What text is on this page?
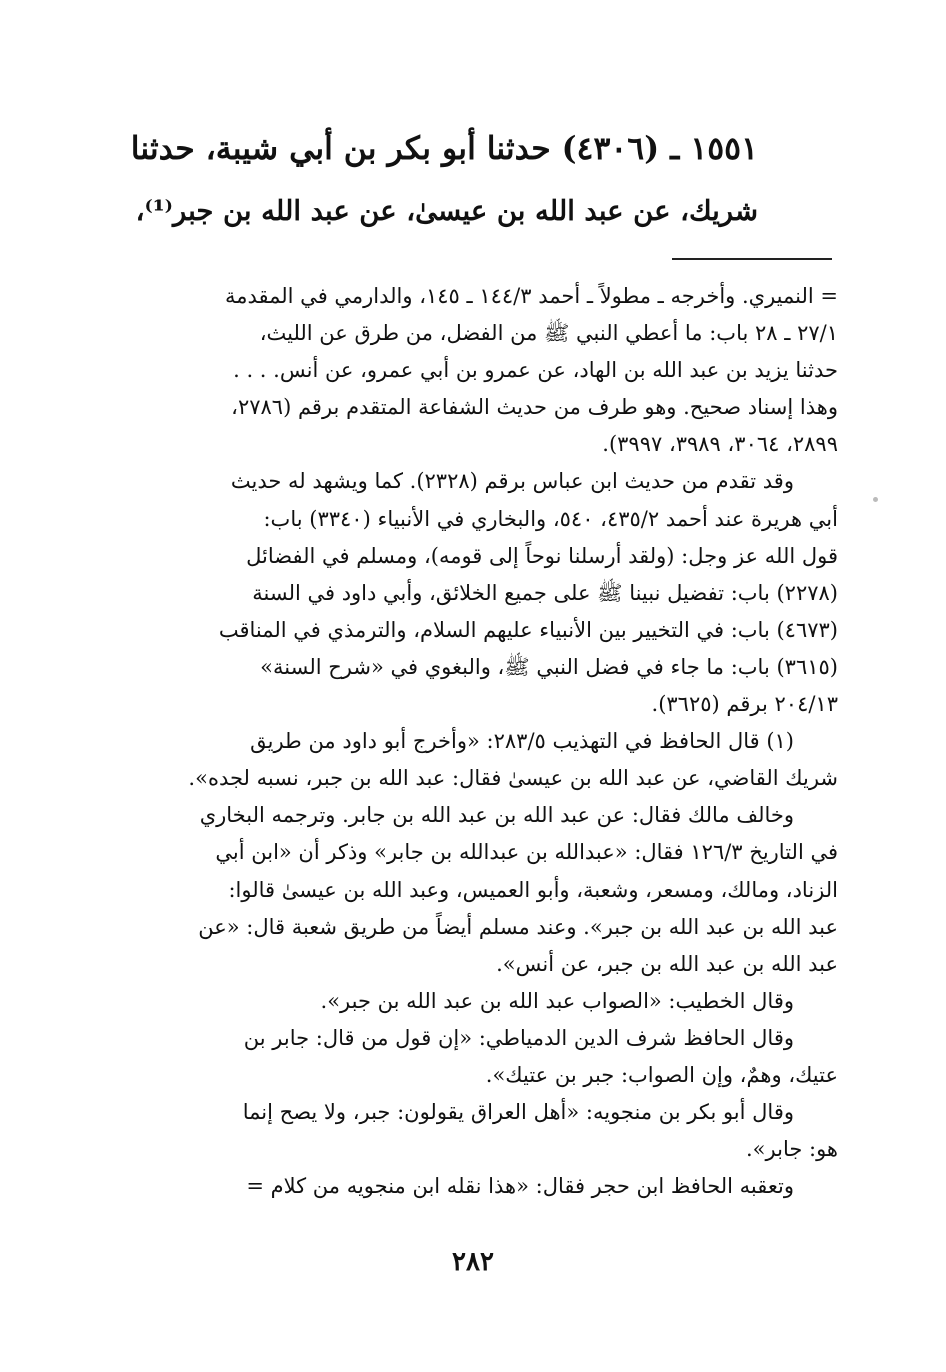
١٥٥١ ـ (٤٣٠٦) حدثنا أبو بكر بن أبي شيبة، حدثنا
شريك، عن عبد الله بن عيسىٰ، عن عبد الله بن جبر⁽¹⁾،
= النميري. وأخرجه ـ مطولاً ـ أحمد ١٤٤/٣ ـ ١٤٥، والدارمي في المقدمة
٢٧/١ ـ ٢٨ باب: ما أعطي النبي ﷺ من الفضل، من طرق عن الليث،
حدثنا يزيد بن عبد الله بن الهاد، عن عمرو بن أبي عمرو، عن أنس. . . .
وهذا إسناد صحيح. وهو طرف من حديث الشفاعة المتقدم برقم (٢٧٨٦،
٢٨٩٩، ٣٠٦٤، ٣٩٨٩، ٣٩٩٧).
وقد تقدم من حديث ابن عباس برقم (٢٣٢٨). كما ويشهد له حديث
أبي هريرة عند أحمد ٤٣٥/٢، ٥٤٠، والبخاري في الأنبياء (٣٣٤٠) باب:
قول الله عز وجل: (ولقد أرسلنا نوحاً إلى قومه)، ومسلم في الفضائل
(٢٢٧٨) باب: تفضيل نبينا ﷺ على جميع الخلائق، وأبي داود في السنة
(٤٦٧٣) باب: في التخيير بين الأنبياء عليهم السلام، والترمذي في المناقب
(٣٦١٥) باب: ما جاء في فضل النبي ﷺ، والبغوي في «شرح السنة»
٢٠٤/١٣ برقم (٣٦٢٥).
(١) قال الحافظ في التهذيب ٢٨٣/٥: «وأخرج أبو داود من طريق
شريك القاضي، عن عبد الله بن عيسىٰ فقال: عبد الله بن جبر، نسبه لجده».
وخالف مالك فقال: عن عبد الله بن عبد الله بن جابر. وترجمه البخاري
في التاريخ ١٢٦/٣ فقال: «عبدالله بن عبدالله بن جابر» وذكر أن «ابن أبي
الزناد، ومالك، ومسعر، وشعبة، وأبو العميس، وعبد الله بن عيسىٰ قالوا:
عبد الله بن عبد الله بن جبر». وعند مسلم أيضاً من طريق شعبة قال: «عن
عبد الله بن عبد الله بن جبر، عن أنس».
وقال الخطيب: «الصواب عبد الله بن عبد الله بن جبر».
وقال الحافظ شرف الدين الدمياطي: «إن قول من قال: جابر بن
عتيك، وهمٌ، وإن الصواب: جبر بن عتيك».
وقال أبو بكر بن منجويه: «أهل العراق يقولون: جبر، ولا يصح إنما
هو: جابر».
وتعقبه الحافظ ابن حجر فقال: «هذا نقله ابن منجويه من كلام =
٢٨٢
